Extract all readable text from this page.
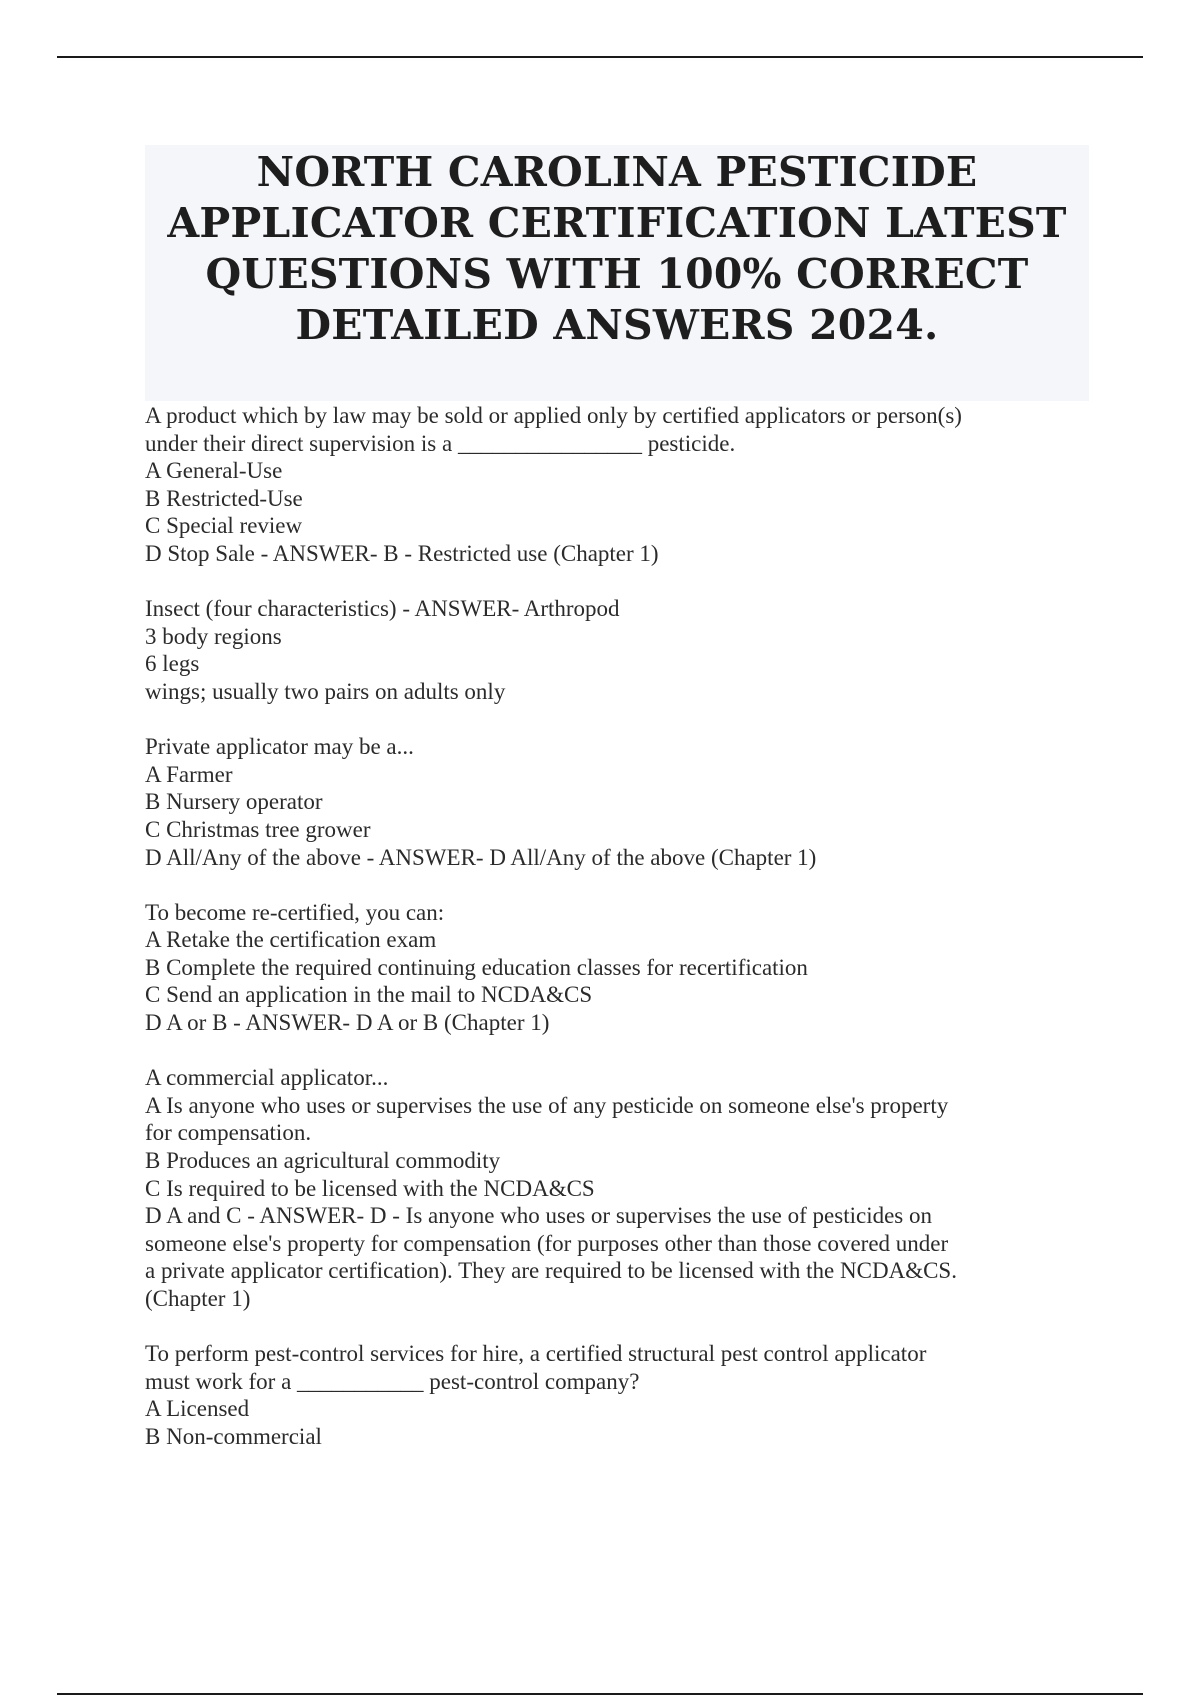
NORTH CAROLINA PESTICIDE
APPLICATOR CERTIFICATION LATEST
QUESTIONS WITH 100% CORRECT
DETAILED ANSWERS 2024.
A product which by law may be sold or applied only by certified applicators or person(s)
under their direct supervision is a ________________ pesticide.
A General-Use
B Restricted-Use
C Special review
D Stop Sale - ANSWER- B - Restricted use (Chapter 1)
Insect (four characteristics) - ANSWER- Arthropod
3 body regions
6 legs
wings; usually two pairs on adults only
Private applicator may be a...
A Farmer
B Nursery operator
C Christmas tree grower
D All/Any of the above - ANSWER- D All/Any of the above (Chapter 1)
To become re-certified, you can:
A Retake the certification exam
B Complete the required continuing education classes for recertification
C Send an application in the mail to NCDA&CS
D A or B - ANSWER- D A or B (Chapter 1)
A commercial applicator...
A Is anyone who uses or supervises the use of any pesticide on someone else's property
for compensation.
B Produces an agricultural commodity
C Is required to be licensed with the NCDA&CS
D A and C - ANSWER- D - Is anyone who uses or supervises the use of pesticides on
someone else's property for compensation (for purposes other than those covered under
a private applicator certification). They are required to be licensed with the NCDA&CS.
(Chapter 1)
To perform pest-control services for hire, a certified structural pest control applicator
must work for a ___________ pest-control company?
A Licensed
B Non-commercial
